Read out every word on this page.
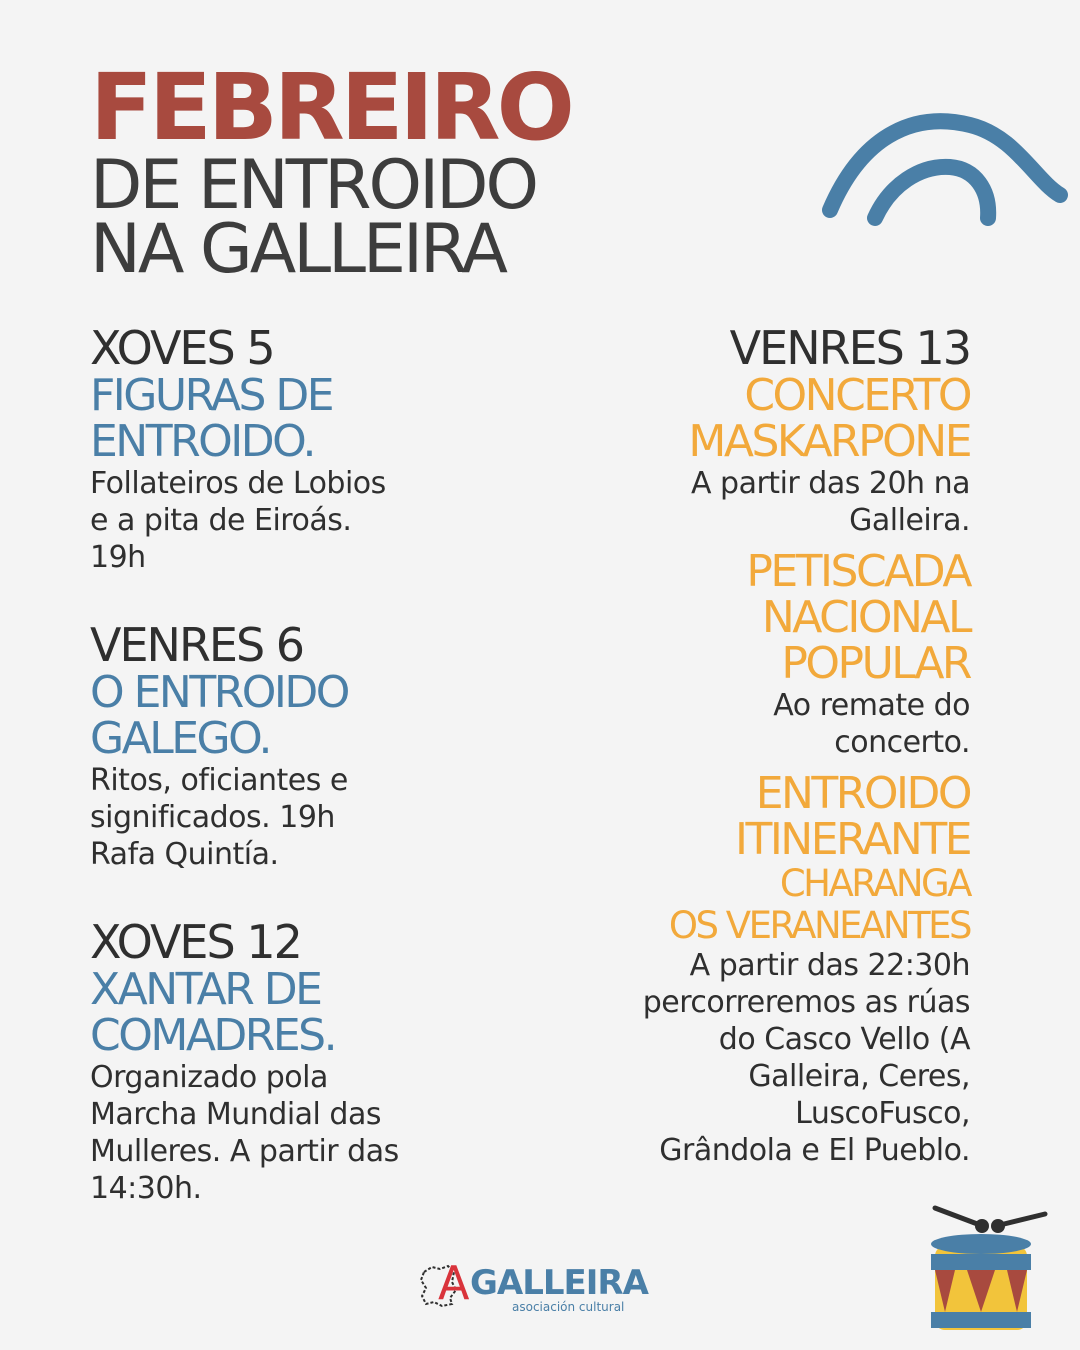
FEBREIRO

DE ENTROIDO

NA GALLEIRA

XOVES 5

FIGURAS DE

ENTROIDO.

Follateiros de Lobios
e a pita de Eiroás.
19h

VENRES 6

O ENTROIDO

GALEGO.

Ritos, oficiantes e
significados. 19h
Rafa Quintía.

XOVES 12

XANTAR DE

COMADRES.

Organizado pola
Marcha Mundial das
Mulleres. A partir das
14:30h.

VENRES 13

CONCERTO

MASKARPONE

A partir das 20h na
Galleira.

PETISCADA

NACIONAL

POPULAR

Ao remate do
concerto.

ENTROIDO

ITINERANTE

CHARANGA

OS VERANEANTES

A partir das 22:30h
percorreremos as rúas
do Casco Vello (A
Galleira, Ceres,
LuscoFusco,
Grândola e El Pueblo.

A GALLEIRA
asociación cultural
